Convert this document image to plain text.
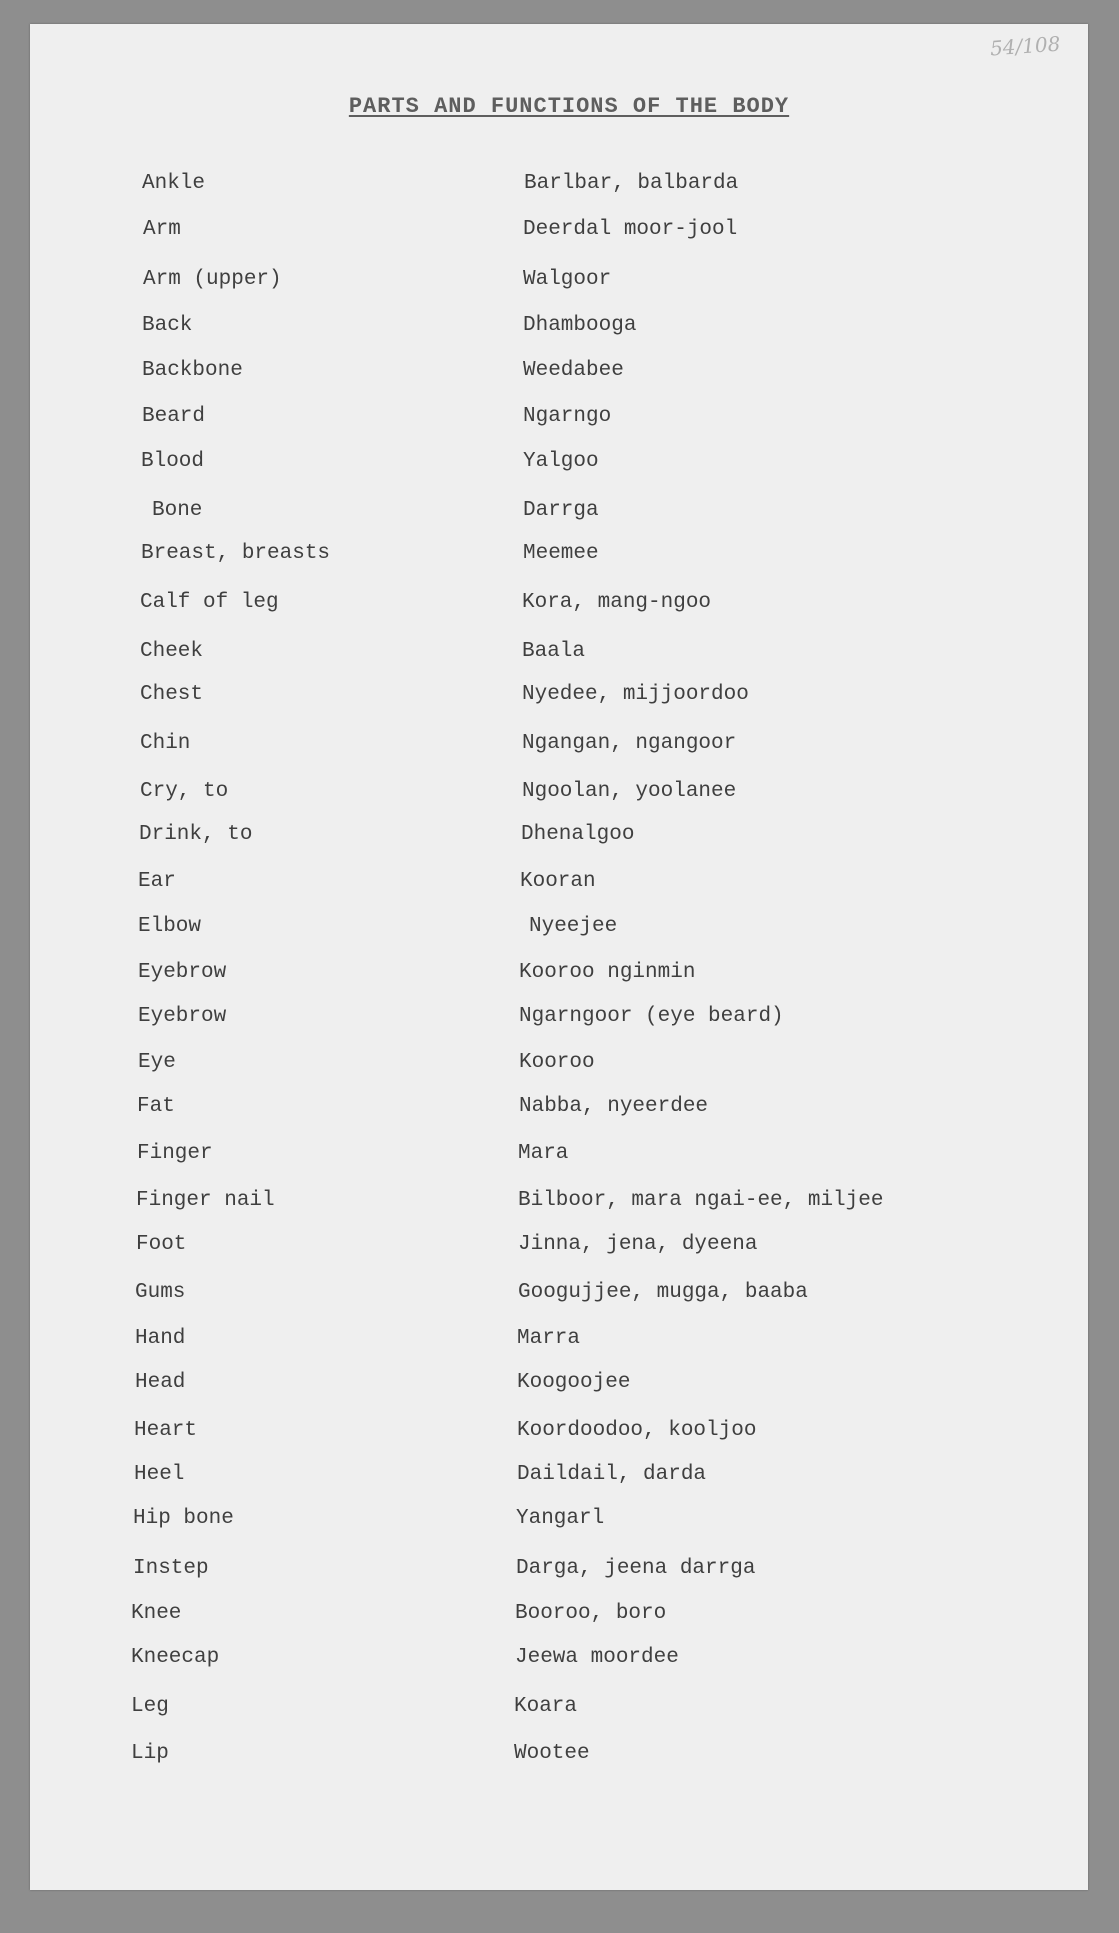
54/108
PARTS AND FUNCTIONS OF THE BODY
Ankle	Barlbar, balbarda
Arm	Deerdal moor-jool
Arm (upper)	Walgoor
Back	Dhambooga
Backbone	Weedabee
Beard	Ngarngo
Blood	Yalgoo
Bone	Darrga
Breast, breasts	Meemee
Calf of leg	Kora, mang-ngoo
Cheek	Baala
Chest	Nyedee, mijjoordoo
Chin	Ngangan, ngangoor
Cry, to	Ngoolan, yoolanee
Drink, to	Dhenalgoo
Ear	Kooran
Elbow	Nyeejee
Eyebrow	Kooroo nginmin
Eyebrow	Ngarngoor (eye beard)
Eye	Kooroo
Fat	Nabba, nyeerdee
Finger	Mara
Finger nail	Bilboor, mara ngai-ee, miljee
Foot	Jinna, jena, dyeena
Gums	Googujjee, mugga, baaba
Hand	Marra
Head	Koogoojee
Heart	Koordoodoo, kooljoo
Heel	Daildail, darda
Hip bone	Yangarl
Instep	Darga, jeena darrga
Knee	Booroo, boro
Kneecap	Jeewa moordee
Leg	Koara
Lip	Wootee
